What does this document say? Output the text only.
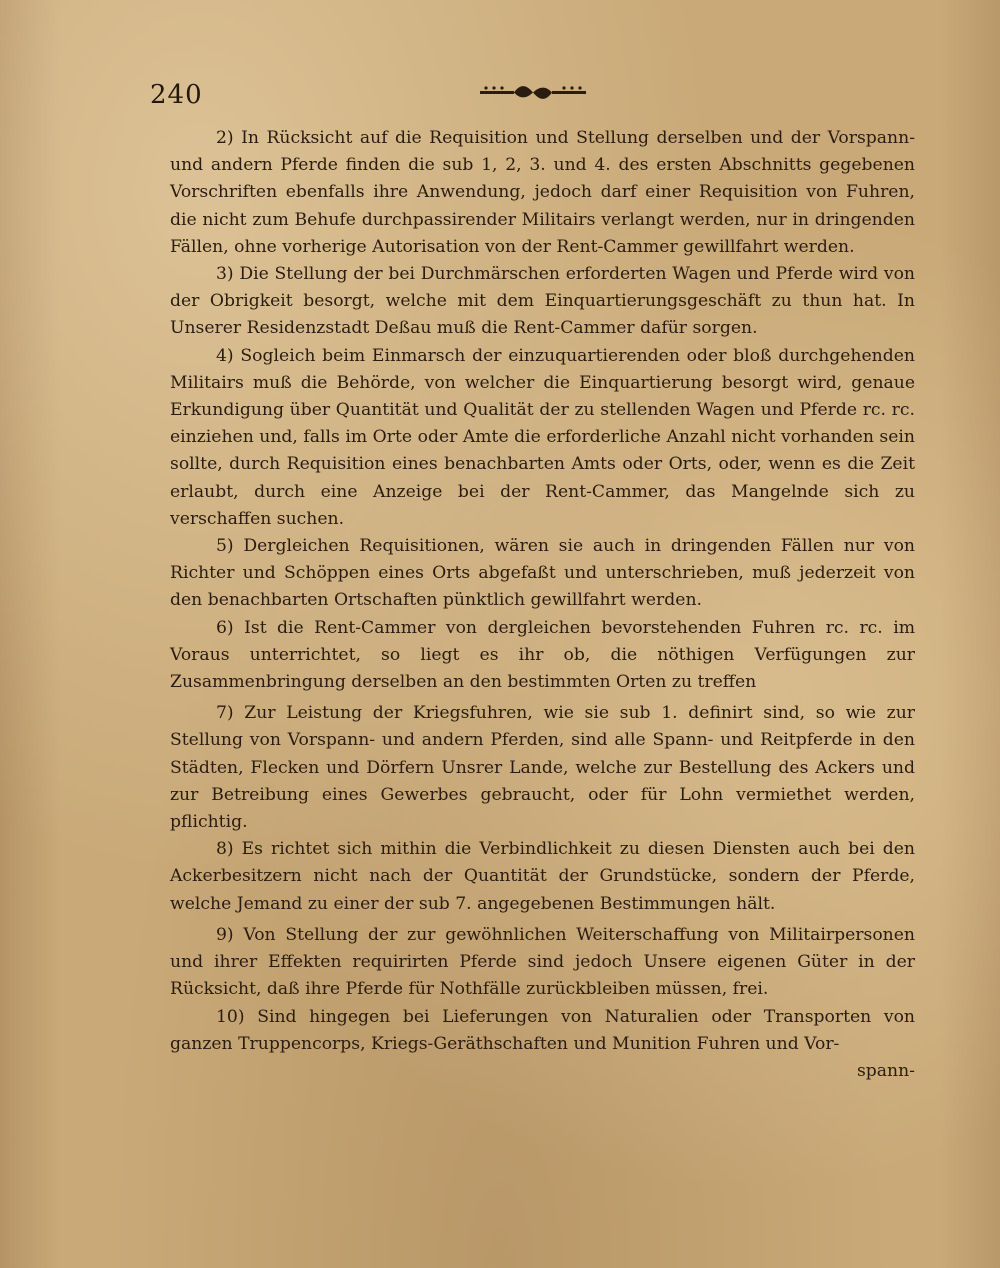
240

2) In Rücksicht auf die Requisition und Stellung derselben und der Vorspann- und andern Pferde finden die sub 1, 2, 3. und 4. des ersten Abschnitts gegebenen Vorschriften ebenfalls ihre Anwendung, jedoch darf einer Requisition von Fuhren, die nicht zum Behufe durchpassirender Militairs verlangt werden, nur in dringenden Fällen, ohne vorherige Autorisation von der Rent-Cammer gewillfahrt werden.

3) Die Stellung der bei Durchmärschen erforderten Wagen und Pferde wird von der Obrigkeit besorgt, welche mit dem Einquartierungsgeschäft zu thun hat. In Unserer Residenzstadt Deßau muß die Rent-Cammer dafür sorgen.

4) Sogleich beim Einmarsch der einzuquartierenden oder bloß durchgehenden Militairs muß die Behörde, von welcher die Einquartierung besorgt wird, genaue Erkundigung über Quantität und Qualität der zu stellenden Wagen und Pferde rc. rc. einziehen und, falls im Orte oder Amte die erforderliche Anzahl nicht vorhanden sein sollte, durch Requisition eines benachbarten Amts oder Orts, oder, wenn es die Zeit erlaubt, durch eine Anzeige bei der Rent-Cammer, das Mangelnde sich zu verschaffen suchen.

5) Dergleichen Requisitionen, wären sie auch in dringenden Fällen nur von Richter und Schöppen eines Orts abgefaßt und unterschrieben, muß jederzeit von den benachbarten Ortschaften pünktlich gewillfahrt werden.

6) Ist die Rent-Cammer von dergleichen bevorstehenden Fuhren rc. rc. im Voraus unterrichtet, so liegt es ihr ob, die nöthigen Verfügungen zur Zusammenbringung derselben an den bestimmten Orten zu treffen

7) Zur Leistung der Kriegsfuhren, wie sie sub 1. definirt sind, so wie zur Stellung von Vorspann- und andern Pferden, sind alle Spann- und Reitpferde in den Städten, Flecken und Dörfern Unsrer Lande, welche zur Bestellung des Ackers und zur Betreibung eines Gewerbes gebraucht, oder für Lohn vermiethet werden, pflichtig.

8) Es richtet sich mithin die Verbindlichkeit zu diesen Diensten auch bei den Ackerbesitzern nicht nach der Quantität der Grundstücke, sondern der Pferde, welche Jemand zu einer der sub 7. angegebenen Bestimmungen hält.

9) Von Stellung der zur gewöhnlichen Weiterschaffung von Militairpersonen und ihrer Effekten requirirten Pferde sind jedoch Unsere eigenen Güter in der Rücksicht, daß ihre Pferde für Nothfälle zurückbleiben müssen, frei.

10) Sind hingegen bei Lieferungen von Naturalien oder Transporten von ganzen Truppencorps, Kriegs-Geräthschaften und Munition Fuhren und Vor-

spann-
